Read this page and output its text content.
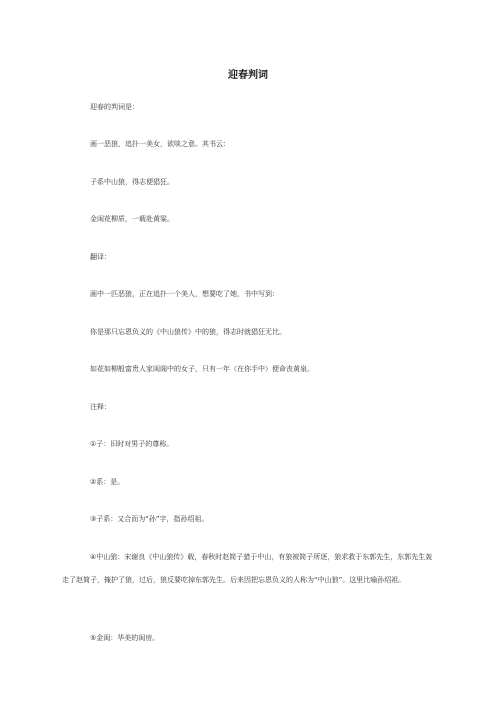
迎春判词

迎春的判词是：

画一恶狼，追扑一美女，欲啖之意。其书云：

子系中山狼，得志便猖狂。

金闺花柳质，一载赴黄粱。

翻译：

画中一匹恶狼，正在追扑一个美人，想要吃了她，书中写到：

你是那只忘恩负义的《中山狼传》中的狼，得志时就猖狂无比。

如花如柳般富贵人家闺阁中的女子，只有一年（在你手中）便命丧黄泉。

注释：

①子：旧时对男子的尊称。

②系：是。

③子系：又合而为“孙”字，指孙绍祖。

④中山狼：宋谢良《中山狼传》载，春秋时赵简子猎于中山，有狼被简子所逐，狼求救于东郭先生，东郭先生轰走了赵简子，掩护了狼，过后，狼反要吃掉东郭先生。后来因把忘恩负义的人称为“中山狼”。这里比喻孙绍祖。

⑤金闺：华美的闺房。
